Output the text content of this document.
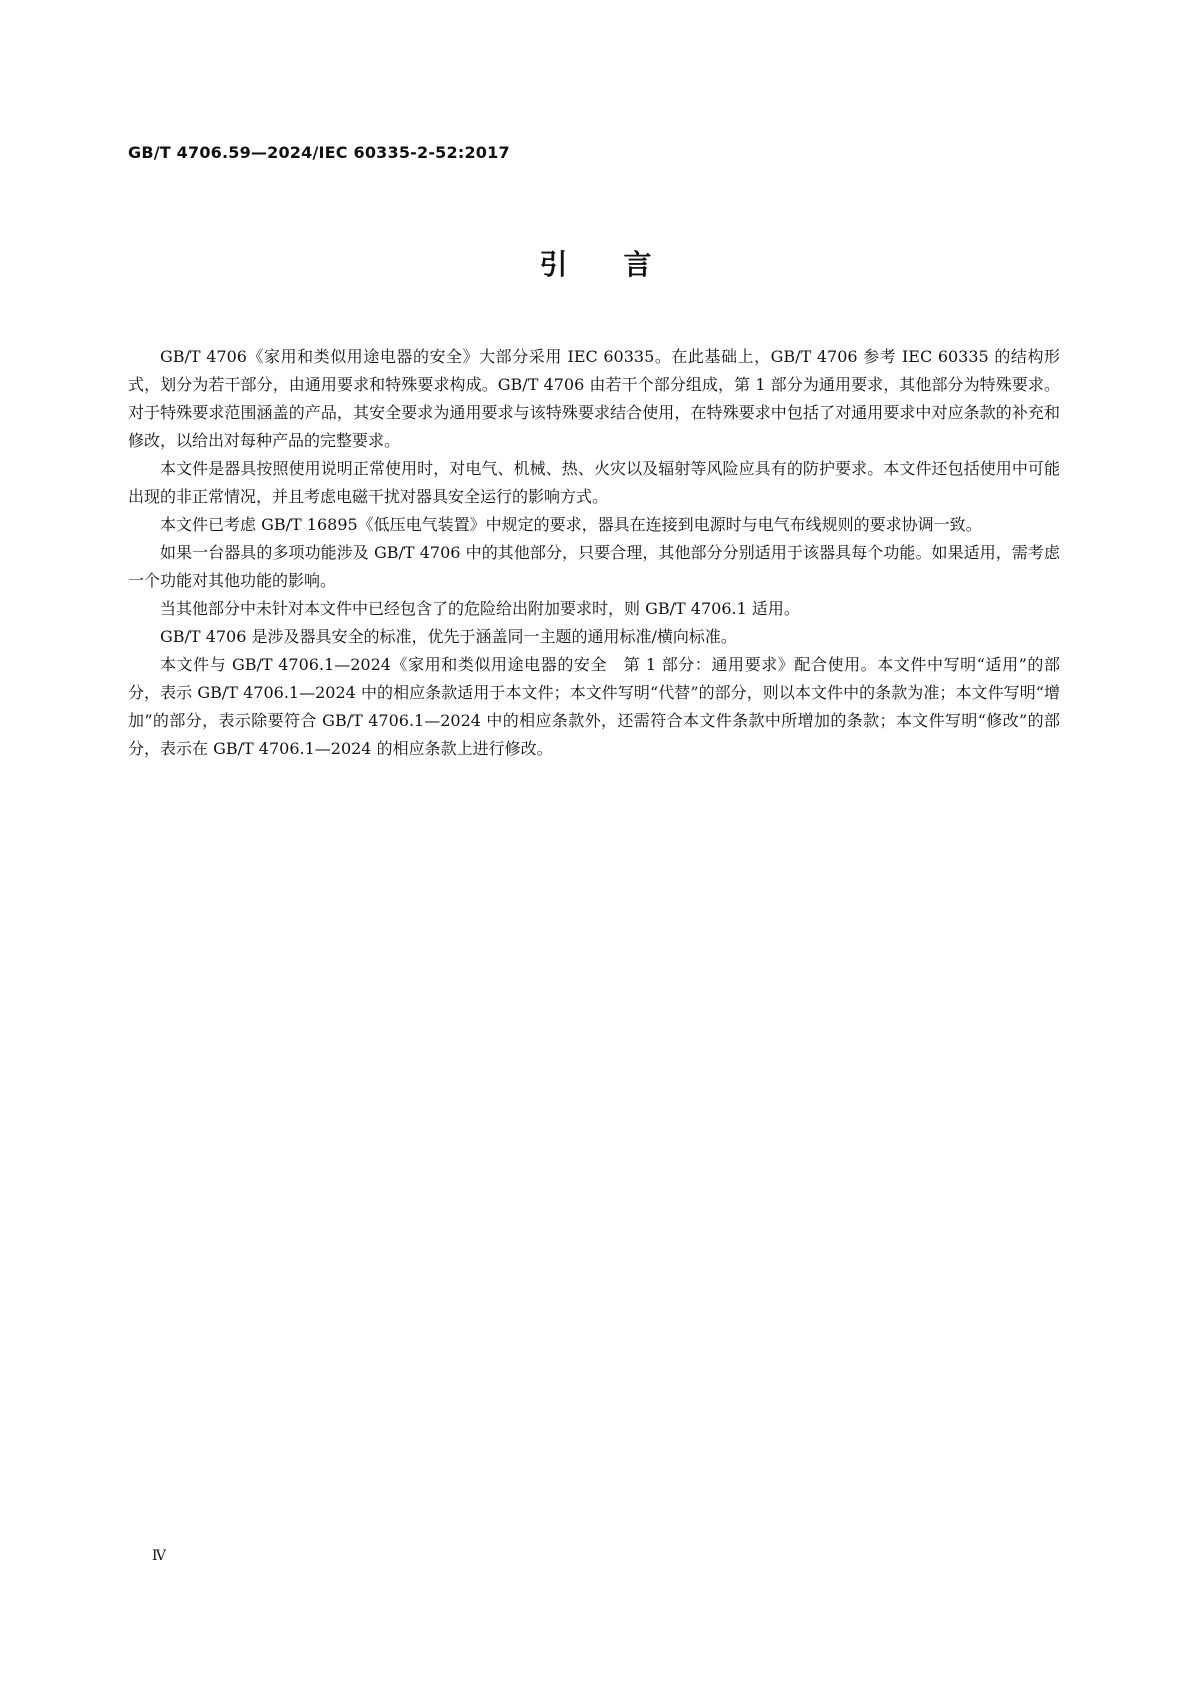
GB/T 4706.59—2024/IEC 60335-2-52:2017
引言

GB/T 4706《家用和类似用途电器的安全》大部分采用 IEC 60335。在此基础上，GB/T 4706 参考 IEC 60335 的结构形式，划分为若干部分，由通用要求和特殊要求构成。GB/T 4706 由若干个部分组成，第 1 部分为通用要求，其他部分为特殊要求。对于特殊要求范围涵盖的产品，其安全要求为通用要求与该特殊要求结合使用，在特殊要求中包括了对通用要求中对应条款的补充和修改，以给出对每种产品的完整要求。

本文件是器具按照使用说明正常使用时，对电气、机械、热、火灾以及辐射等风险应具有的防护要求。本文件还包括使用中可能出现的非正常情况，并且考虑电磁干扰对器具安全运行的影响方式。

本文件已考虑 GB/T 16895《低压电气装置》中规定的要求，器具在连接到电源时与电气布线规则的要求协调一致。

如果一台器具的多项功能涉及 GB/T 4706 中的其他部分，只要合理，其他部分分别适用于该器具每个功能。如果适用，需考虑一个功能对其他功能的影响。

当其他部分中未针对本文件中已经包含了的危险给出附加要求时，则 GB/T 4706.1 适用。

GB/T 4706 是涉及器具安全的标准，优先于涵盖同一主题的通用标准/横向标准。

本文件与 GB/T 4706.1—2024《家用和类似用途电器的安全　第 1 部分：通用要求》配合使用。本文件中写明“适用”的部分，表示 GB/T 4706.1—2024 中的相应条款适用于本文件；本文件写明“代替”的部分，则以本文件中的条款为准；本文件写明“增加”的部分，表示除要符合 GB/T 4706.1—2024 中的相应条款外，还需符合本文件条款中所增加的条款；本文件写明“修改”的部分，表示在 GB/T 4706.1—2024 的相应条款上进行修改。

Ⅳ
